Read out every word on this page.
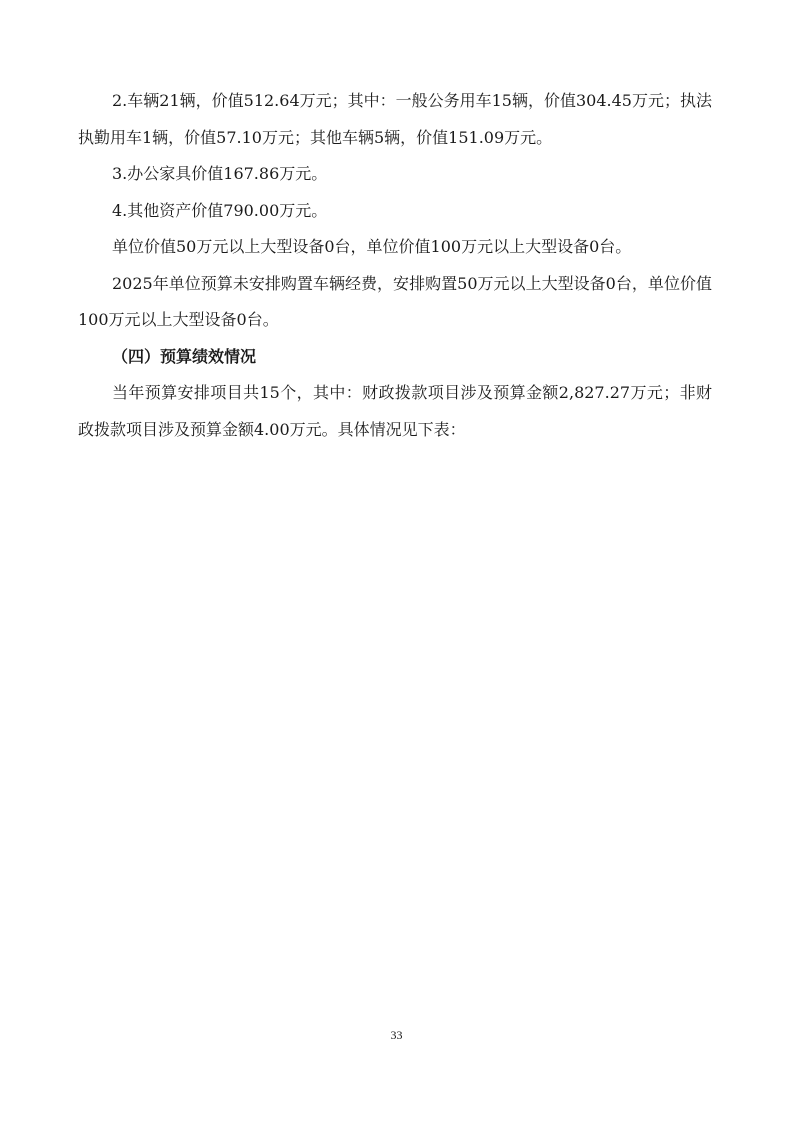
2.车辆21辆，价值512.64万元；其中：一般公务用车15辆，价值304.45万元；执法执勤用车1辆，价值57.10万元；其他车辆5辆，价值151.09万元。

3.办公家具价值167.86万元。

4.其他资产价值790.00万元。

单位价值50万元以上大型设备0台，单位价值100万元以上大型设备0台。

2025年单位预算未安排购置车辆经费，安排购置50万元以上大型设备0台，单位价值100万元以上大型设备0台。

（四）预算绩效情况

当年预算安排项目共15个，其中：财政拨款项目涉及预算金额2,827.27万元；非财政拨款项目涉及预算金额4.00万元。具体情况见下表：

33
